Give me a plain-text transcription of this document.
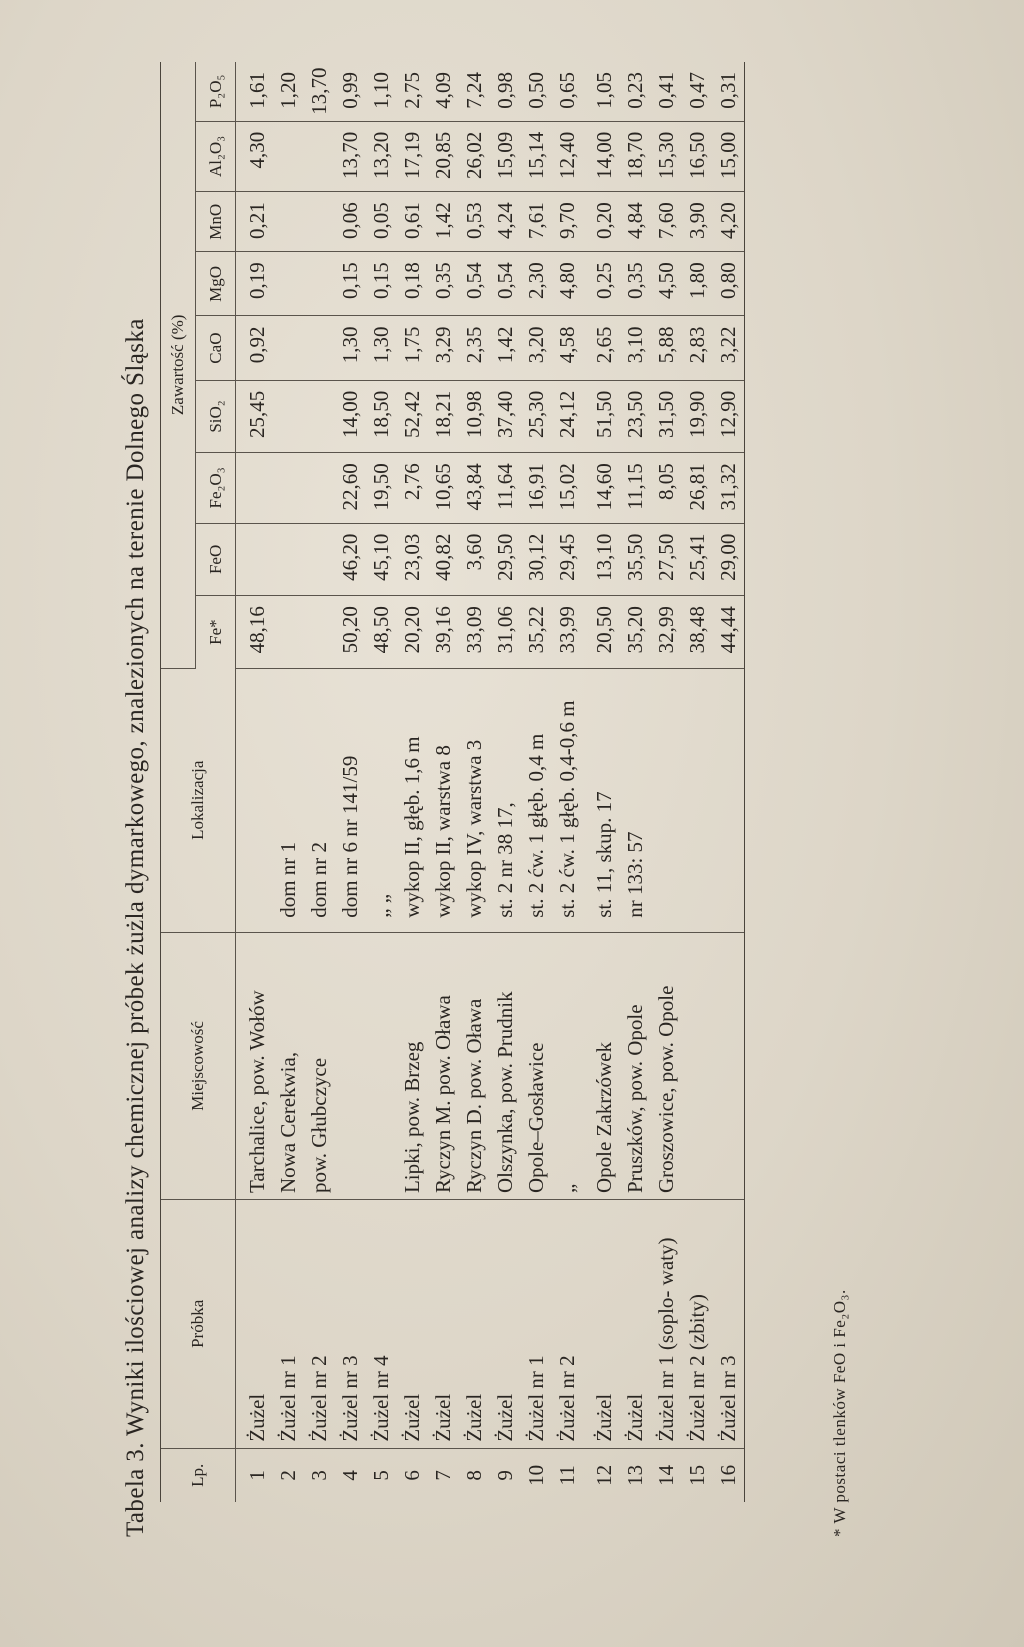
Tabela 3. Wyniki ilościowej analizy chemicznej próbek żużla dymarkowego, znalezionych na terenie Dolnego Śląska Lp.	Próbka	Miejscowość	Lokalizacja	Zawartość (%)								
				Fe*	FeO	Fe₂O₃	SiO₂	CaO	MgO	MnO	Al₂O₃	P₂O₅
1	Żużel	Tarchalice, pow. Wołów		48,16			25,45	0,92	0,19	0,21	4,30	1,61
2	Żużel nr 1	Nowa Cerekwia,	dom nr 1									1,20
3	Żużel nr 2	pow. Głubczyce	dom nr 2									13,70
4	Żużel nr 3		dom nr 6 nr 141/59	50,20	46,20	22,60	14,00	1,30	0,15	0,06	13,70	0,99
5	Żużel nr 4		„ „	48,50	45,10	19,50	18,50	1,30	0,15	0,05	13,20	1,10
6	Żużel	Lipki, pow. Brzeg	wykop II, głęb. 1,6 m	20,20	23,03	2,76	52,42	1,75	0,18	0,61	17,19	2,75
7	Żużel	Ryczyn M. pow. Oława	wykop II, warstwa 8	39,16	40,82	10,65	18,21	3,29	0,35	1,42	20,85	4,09
8	Żużel	Ryczyn D. pow. Oława	wykop IV, warstwa 3	33,09	3,60	43,84	10,98	2,35	0,54	0,53	26,02	7,24
9	Żużel	Olszynka, pow. Prudnik	st. 2 nr 38 17,	31,06	29,50	11,64	37,40	1,42	0,54	4,24	15,09	0,98
10	Żużel nr 1	Opole–Gosławice	st. 2 ćw. 1 głęb. 0,4 m	35,22	30,12	16,91	25,30	3,20	2,30	7,61	15,14	0,50
11	Żużel nr 2	„	st. 2 ćw. 1 głęb. 0,4-0,6 m	33,99	29,45	15,02	24,12	4,58	4,80	9,70	12,40	0,65
12	Żużel	Opole Zakrzówek	st. 11, skup. 17	20,50	13,10	14,60	51,50	2,65	0,25	0,20	14,00	1,05
13	Żużel	Pruszków, pow. Opole	nr 133: 57	35,20	35,50	11,15	23,50	3,10	0,35	4,84	18,70	0,23
14	Żużel nr 1 (soplo- waty)	Groszowice, pow. Opole		32,99	27,50	8,05	31,50	5,88	4,50	7,60	15,30	0,41
15	Żużel nr 2 (zbity)			38,48	25,41	26,81	19,90	2,83	1,80	3,90	16,50	0,47
16	Żużel nr 3			44,44	29,00	31,32	12,90	3,22	0,80	4,20	15,00	0,31
* W postaci tlenków FeO i Fe₂O₃.
